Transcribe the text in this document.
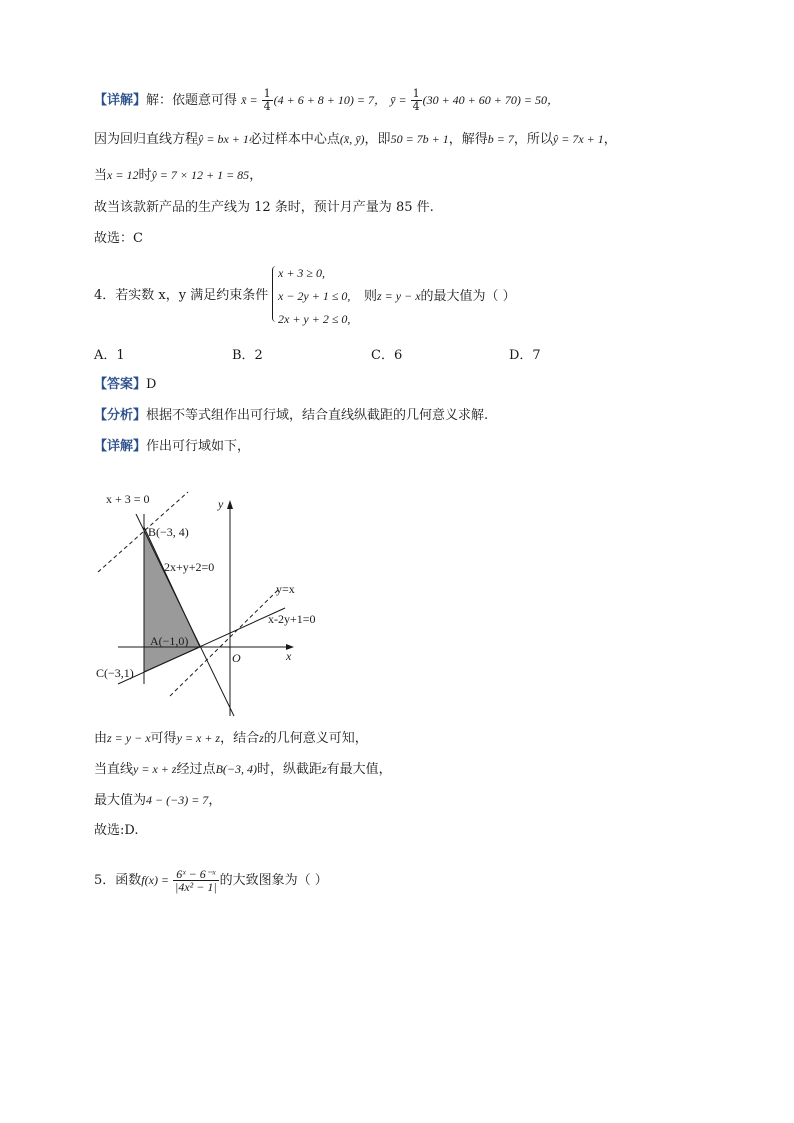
【详解】解：依题意可得 x̄ = $\frac{1}{4} (4 + 6 + 8 + 10) = 7$， ȳ = $\frac{1}{4} (30 + 40 + 60 + 70) = 50$，
因为回归直线方程ŷ = bx + 1必过样本中心点(x̄, ȳ)，即50 = 7b + 1，解得b = 7，所以ŷ = 7x + 1，
当x = 12时ŷ = 7 × 12 + 1 = 85，
故当该款新产品的生产线为 12 条时，预计月产量为 85 件.
故选：C
4．若实数 x，y 满足约束条件
x + 3 ≥ 0,
x − 2y + 1 ≤ 0,
2x + y + 2 ≤ 0,
则z = y − x的最大值为（ ）
A．1	B．2	C．6	D．7
【答案】D
【分析】根据不等式组作出可行域，结合直线纵截距的几何意义求解.
【详解】作出可行域如下，
x + 3 = 0	y
B(−3, 4)
2x+y+2=0
y=x
x-2y+1=0
A(−1,0)
O	x
C(−3,1)
由z = y − x可得y = x + z，结合z的几何意义可知，
当直线y = x + z经过点B(−3, 4)时，纵截距z有最大值，
最大值为4 − (−3) = 7，
故选:D.
5．函数$f(x) = \frac{\text{6ˣ − 6⁻ˣ}}{\text{|4x² − 1|}}$ 的大致图象为（ ）
